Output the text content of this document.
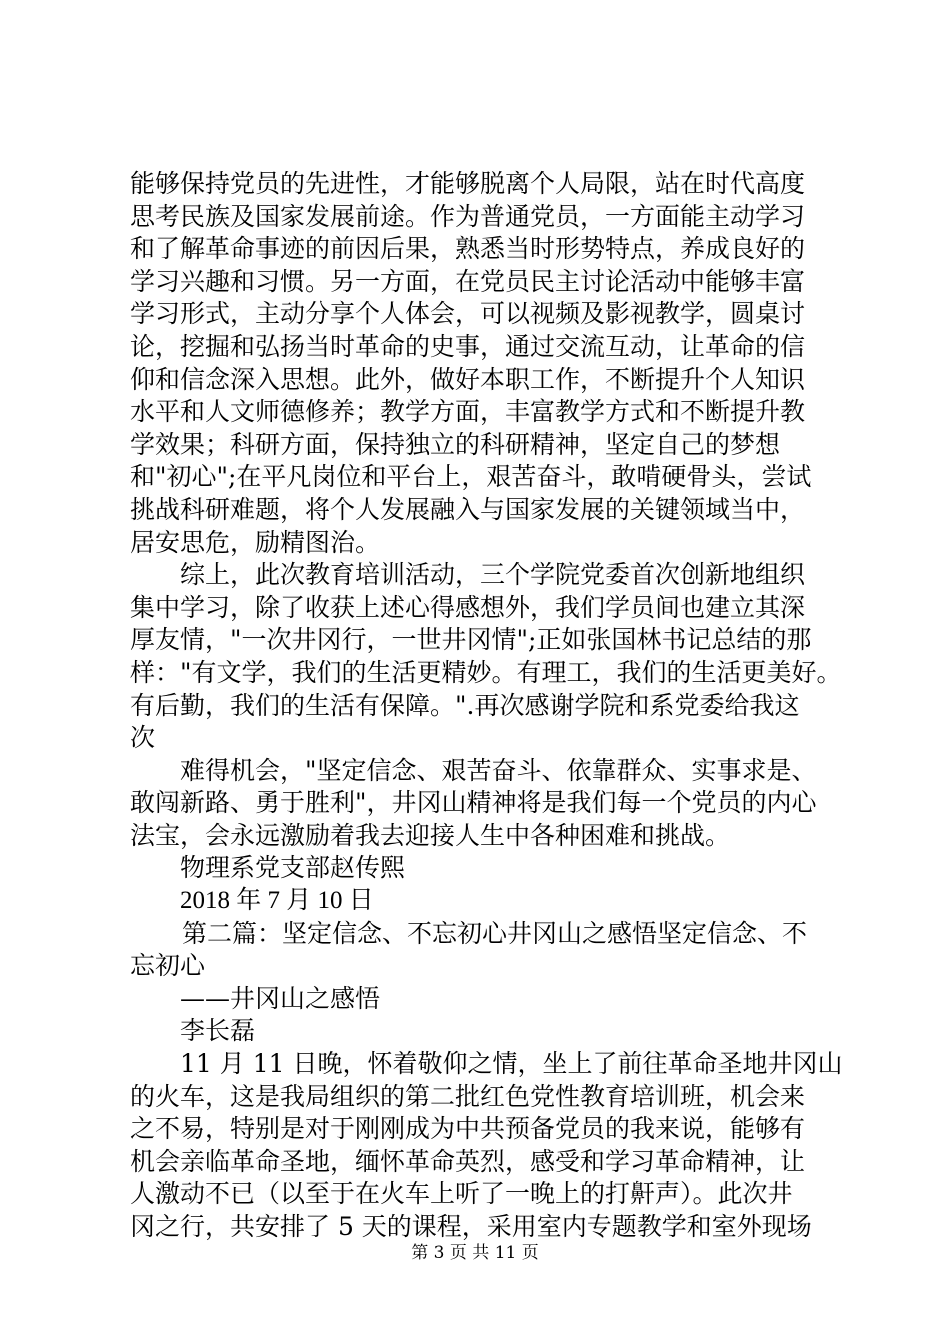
能够保持党员的先进性，才能够脱离个人局限，站在时代高度
思考民族及国家发展前途。作为普通党员，一方面能主动学习
和了解革命事迹的前因后果，熟悉当时形势特点，养成良好的
学习兴趣和习惯。另一方面，在党员民主讨论活动中能够丰富
学习形式，主动分享个人体会，可以视频及影视教学，圆桌讨
论，挖掘和弘扬当时革命的史事，通过交流互动，让革命的信
仰和信念深入思想。此外，做好本职工作，不断提升个人知识
水平和人文师德修养；教学方面，丰富教学方式和不断提升教
学效果；科研方面，保持独立的科研精神，坚定自己的梦想
和"初心";在平凡岗位和平台上，艰苦奋斗，敢啃硬骨头，尝试
挑战科研难题，将个人发展融入与国家发展的关键领域当中，
居安思危，励精图治。
综上，此次教育培训活动，三个学院党委首次创新地组织
集中学习，除了收获上述心得感想外，我们学员间也建立其深
厚友情，"一次井冈行，一世井冈情";正如张国林书记总结的那
样："有文学，我们的生活更精妙。有理工，我们的生活更美好。
有后勤，我们的生活有保障。".再次感谢学院和系党委给我这
次
难得机会，"坚定信念、艰苦奋斗、依靠群众、实事求是、
敢闯新路、勇于胜利"，井冈山精神将是我们每一个党员的内心
法宝，会永远激励着我去迎接人生中各种困难和挑战。
物理系党支部赵传熙
2018 年 7 月 10 日
第二篇：坚定信念、不忘初心井冈山之感悟坚定信念、不
忘初心
——井冈山之感悟
李长磊
11 月 11 日晚，怀着敬仰之情，坐上了前往革命圣地井冈山
的火车，这是我局组织的第二批红色党性教育培训班，机会来
之不易，特别是对于刚刚成为中共预备党员的我来说，能够有
机会亲临革命圣地，缅怀革命英烈，感受和学习革命精神，让
人激动不已（以至于在火车上听了一晚上的打鼾声）。此次井
冈之行，共安排了 5 天的课程，采用室内专题教学和室外现场
第 3 页 共 11 页
